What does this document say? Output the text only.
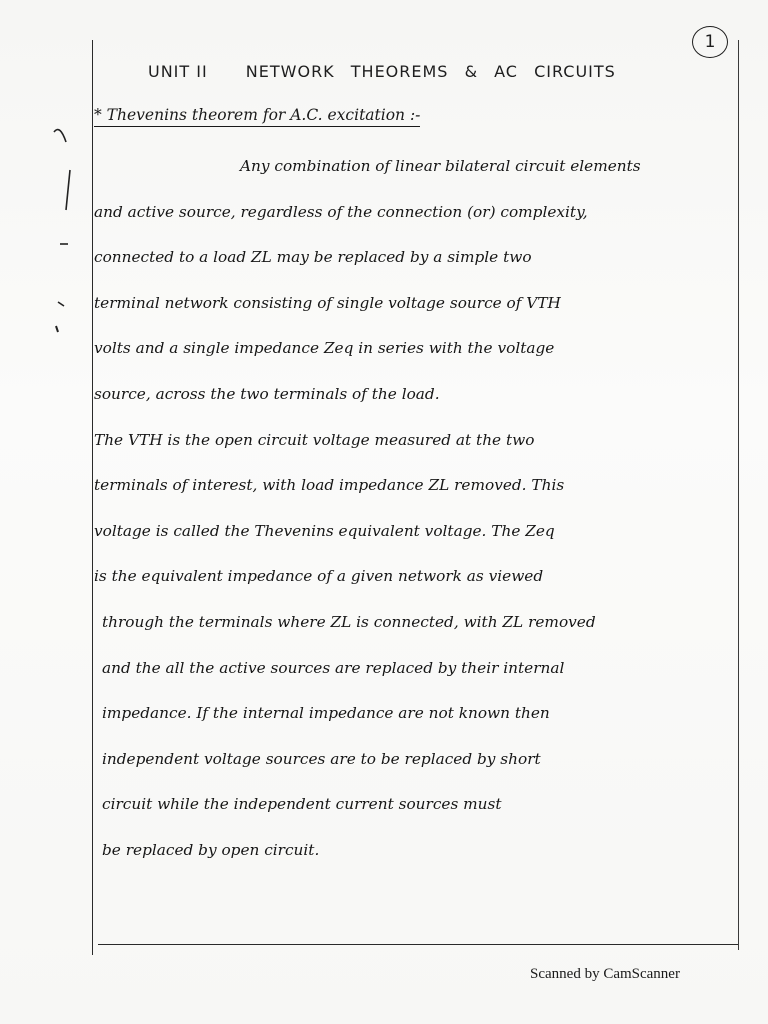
1
UNIT II NETWORK THEOREMS & AC CIRCUITS
* Thevenins theorem for A.C. excitation :-
Any combination of linear bilateral circuit elements
and active source, regardless of the connection (or) complexity,
connected to a load ZL may be replaced by a simple two
terminal network consisting of single voltage source of VTH
volts and a single impedance Zeq in series with the voltage
source, across the two terminals of the load.
The VTH is the open circuit voltage measured at the two
terminals of interest, with load impedance ZL removed. This
voltage is called the Thevenins equivalent voltage. The Zeq
is the equivalent impedance of a given network as viewed
through the terminals where ZL is connected, with ZL removed
and the all the active sources are replaced by their internal
impedance. If the internal impedance are not known then
independent voltage sources are to be replaced by short
circuit while the independent current sources must
be replaced by open circuit.
Scanned by CamScanner
